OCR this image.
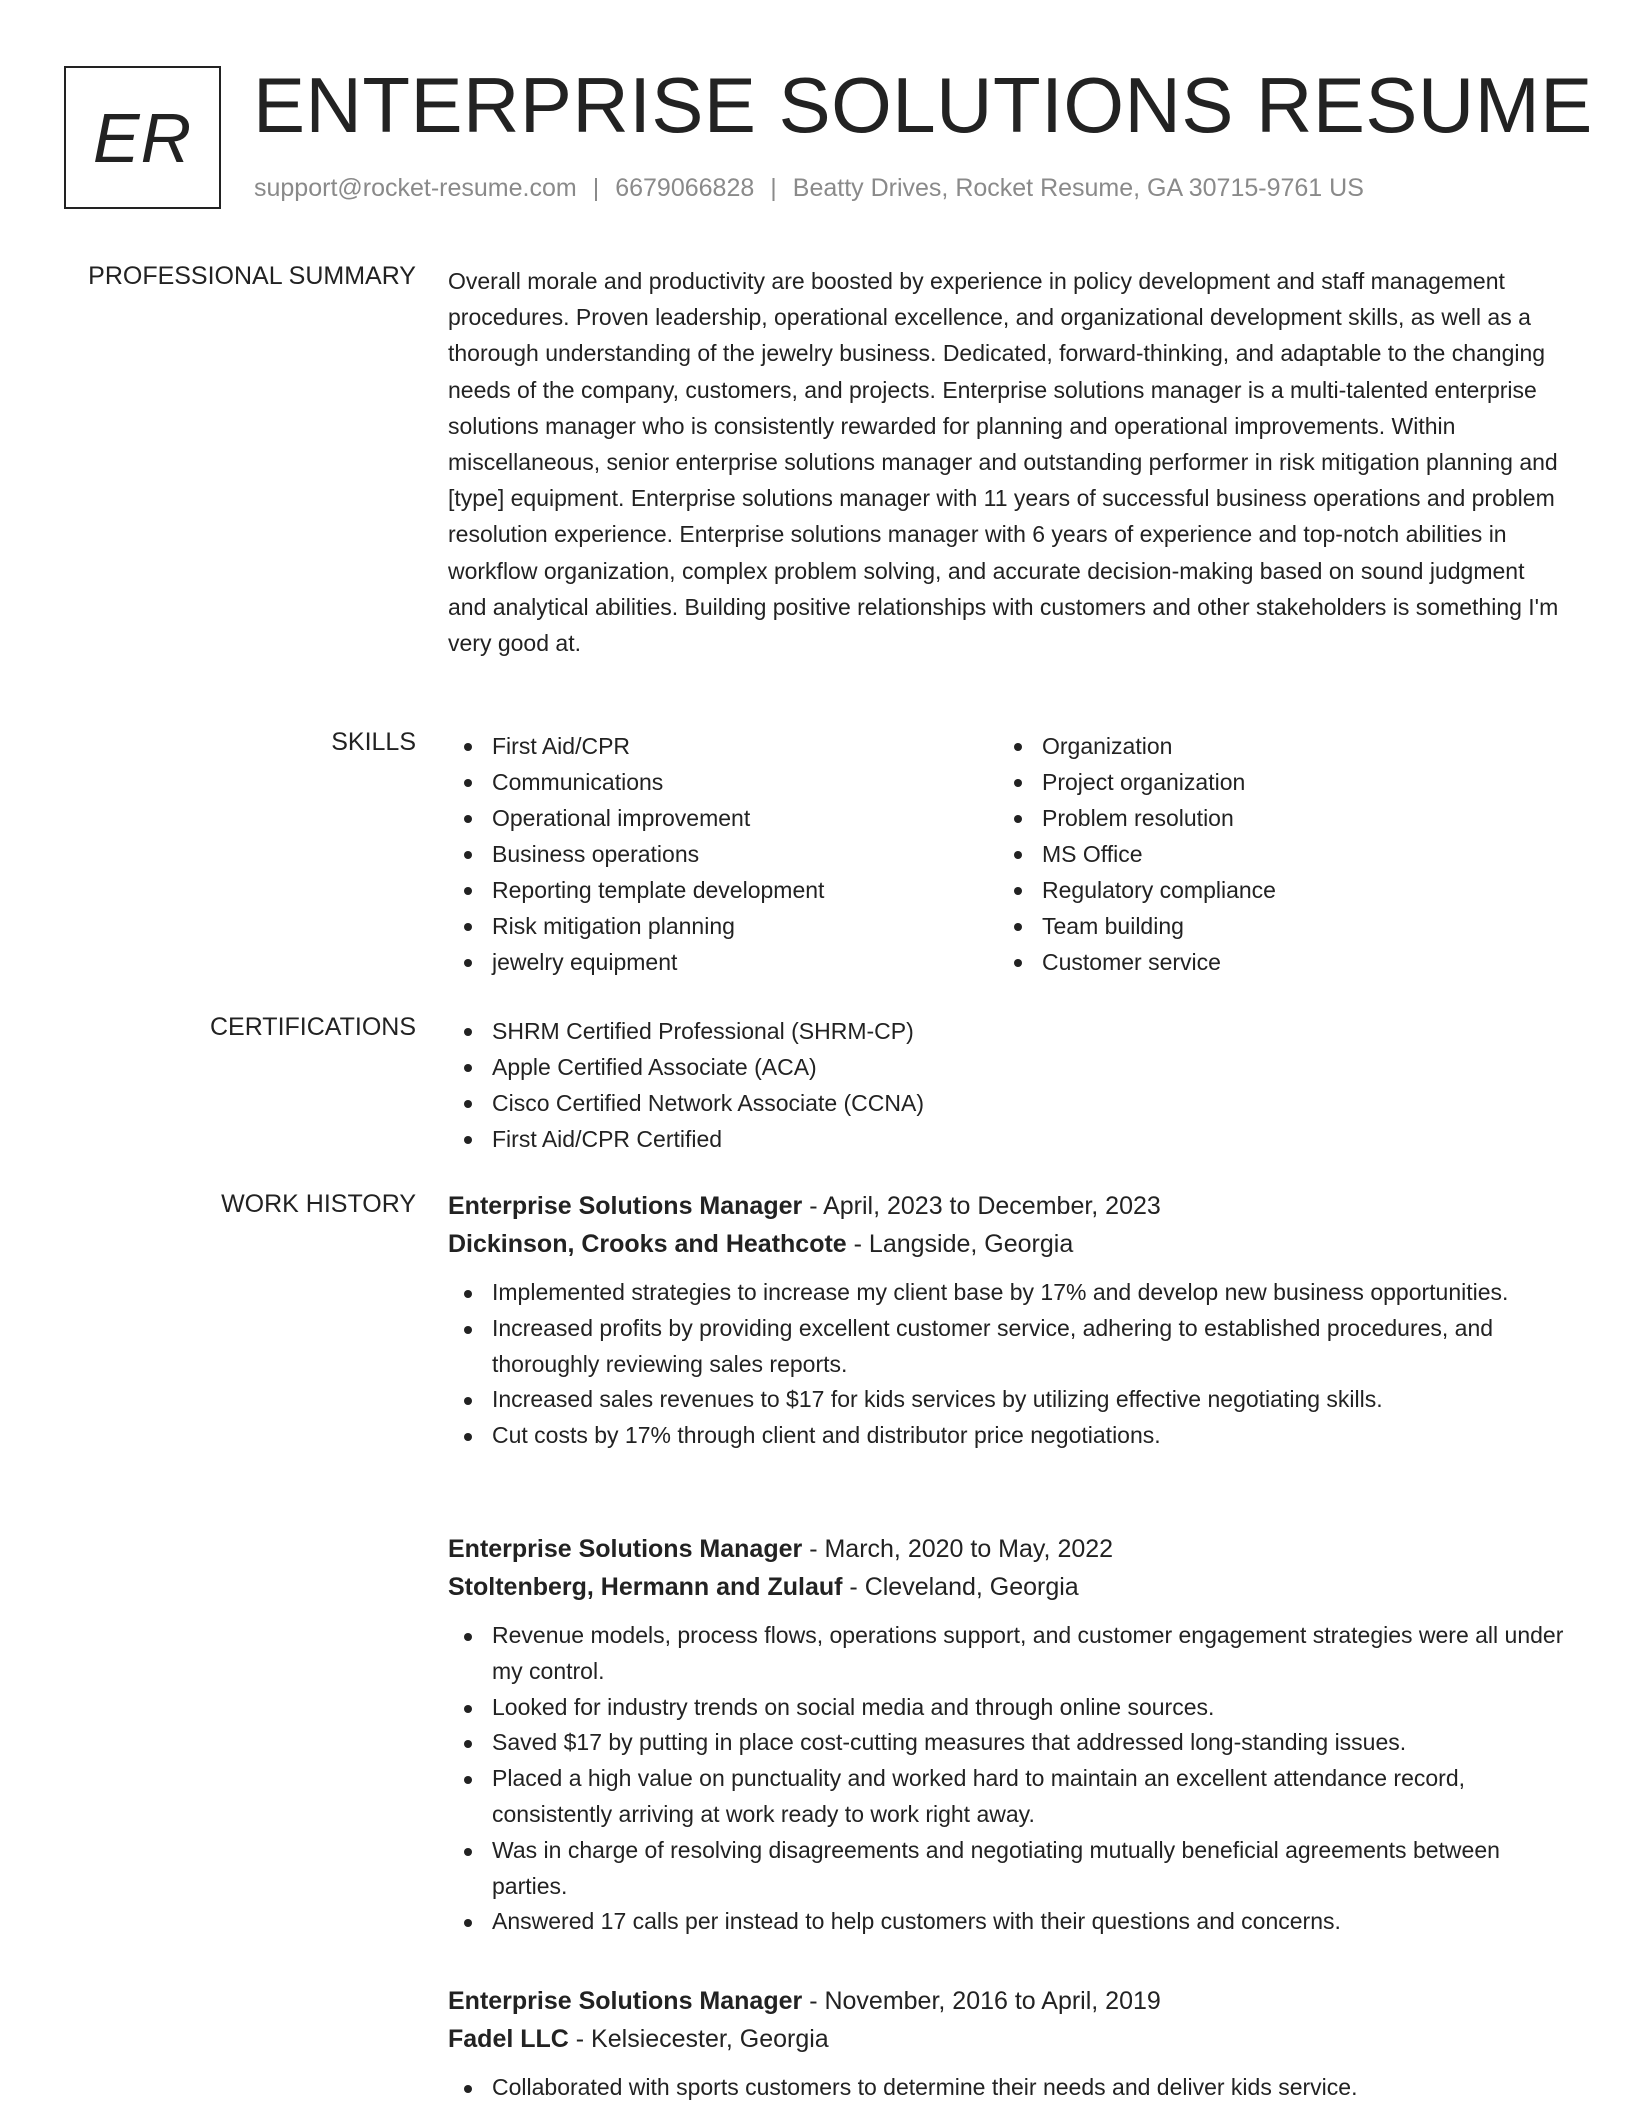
ER ENTERPRISE SOLUTIONS RESUME
support@rocket-resume.com | 6679066828 | Beatty Drives, Rocket Resume, GA 30715-9761 US
PROFESSIONAL SUMMARY Overall morale and productivity are boosted by experience in policy development and staff management procedures. Proven leadership, operational excellence, and organizational development skills, as well as a thorough understanding of the jewelry business. Dedicated, forward-thinking, and adaptable to the changing needs of the company, customers, and projects. Enterprise solutions manager is a multi-talented enterprise solutions manager who is consistently rewarded for planning and operational improvements. Within miscellaneous, senior enterprise solutions manager and outstanding performer in risk mitigation planning and [type] equipment. Enterprise solutions manager with 11 years of successful business operations and problem resolution experience. Enterprise solutions manager with 6 years of experience and top-notch abilities in workflow organization, complex problem solving, and accurate decision-making based on sound judgment and analytical abilities. Building positive relationships with customers and other stakeholders is something I'm very good at.

SKILLS	First Aid/CPR
Communications
Operational improvement
Business operations
Reporting template development
Risk mitigation planning
jewelry equipment
Organization
Project organization
Problem resolution
MS Office
Regulatory compliance
Team building
Customer service
CERTIFICATIONS	SHRM Certified Professional (SHRM-CP)
Apple Certified Associate (ACA)
Cisco Certified Network Associate (CCNA)
First Aid/CPR Certified
WORK HISTORY Enterprise Solutions Manager - April, 2023 to December, 2023
Dickinson, Crooks and Heathcote - Langside, Georgia
Implemented strategies to increase my client base by 17% and develop new business opportunities.
Increased profits by providing excellent customer service, adhering to established procedures, and thoroughly reviewing sales reports.
Increased sales revenues to $17 for kids services by utilizing effective negotiating skills.
Cut costs by 17% through client and distributor price negotiations.
Enterprise Solutions Manager - March, 2020 to May, 2022
Stoltenberg, Hermann and Zulauf - Cleveland, Georgia
Revenue models, process flows, operations support, and customer engagement strategies were all under my control.
Looked for industry trends on social media and through online sources.
Saved $17 by putting in place cost-cutting measures that addressed long-standing issues.
Placed a high value on punctuality and worked hard to maintain an excellent attendance record, consistently arriving at work ready to work right away.
Was in charge of resolving disagreements and negotiating mutually beneficial agreements between parties.
Answered 17 calls per instead to help customers with their questions and concerns.
Enterprise Solutions Manager - November, 2016 to April, 2019
Fadel LLC - Kelsiecester, Georgia
Collaborated with sports customers to determine their needs and deliver kids service.
